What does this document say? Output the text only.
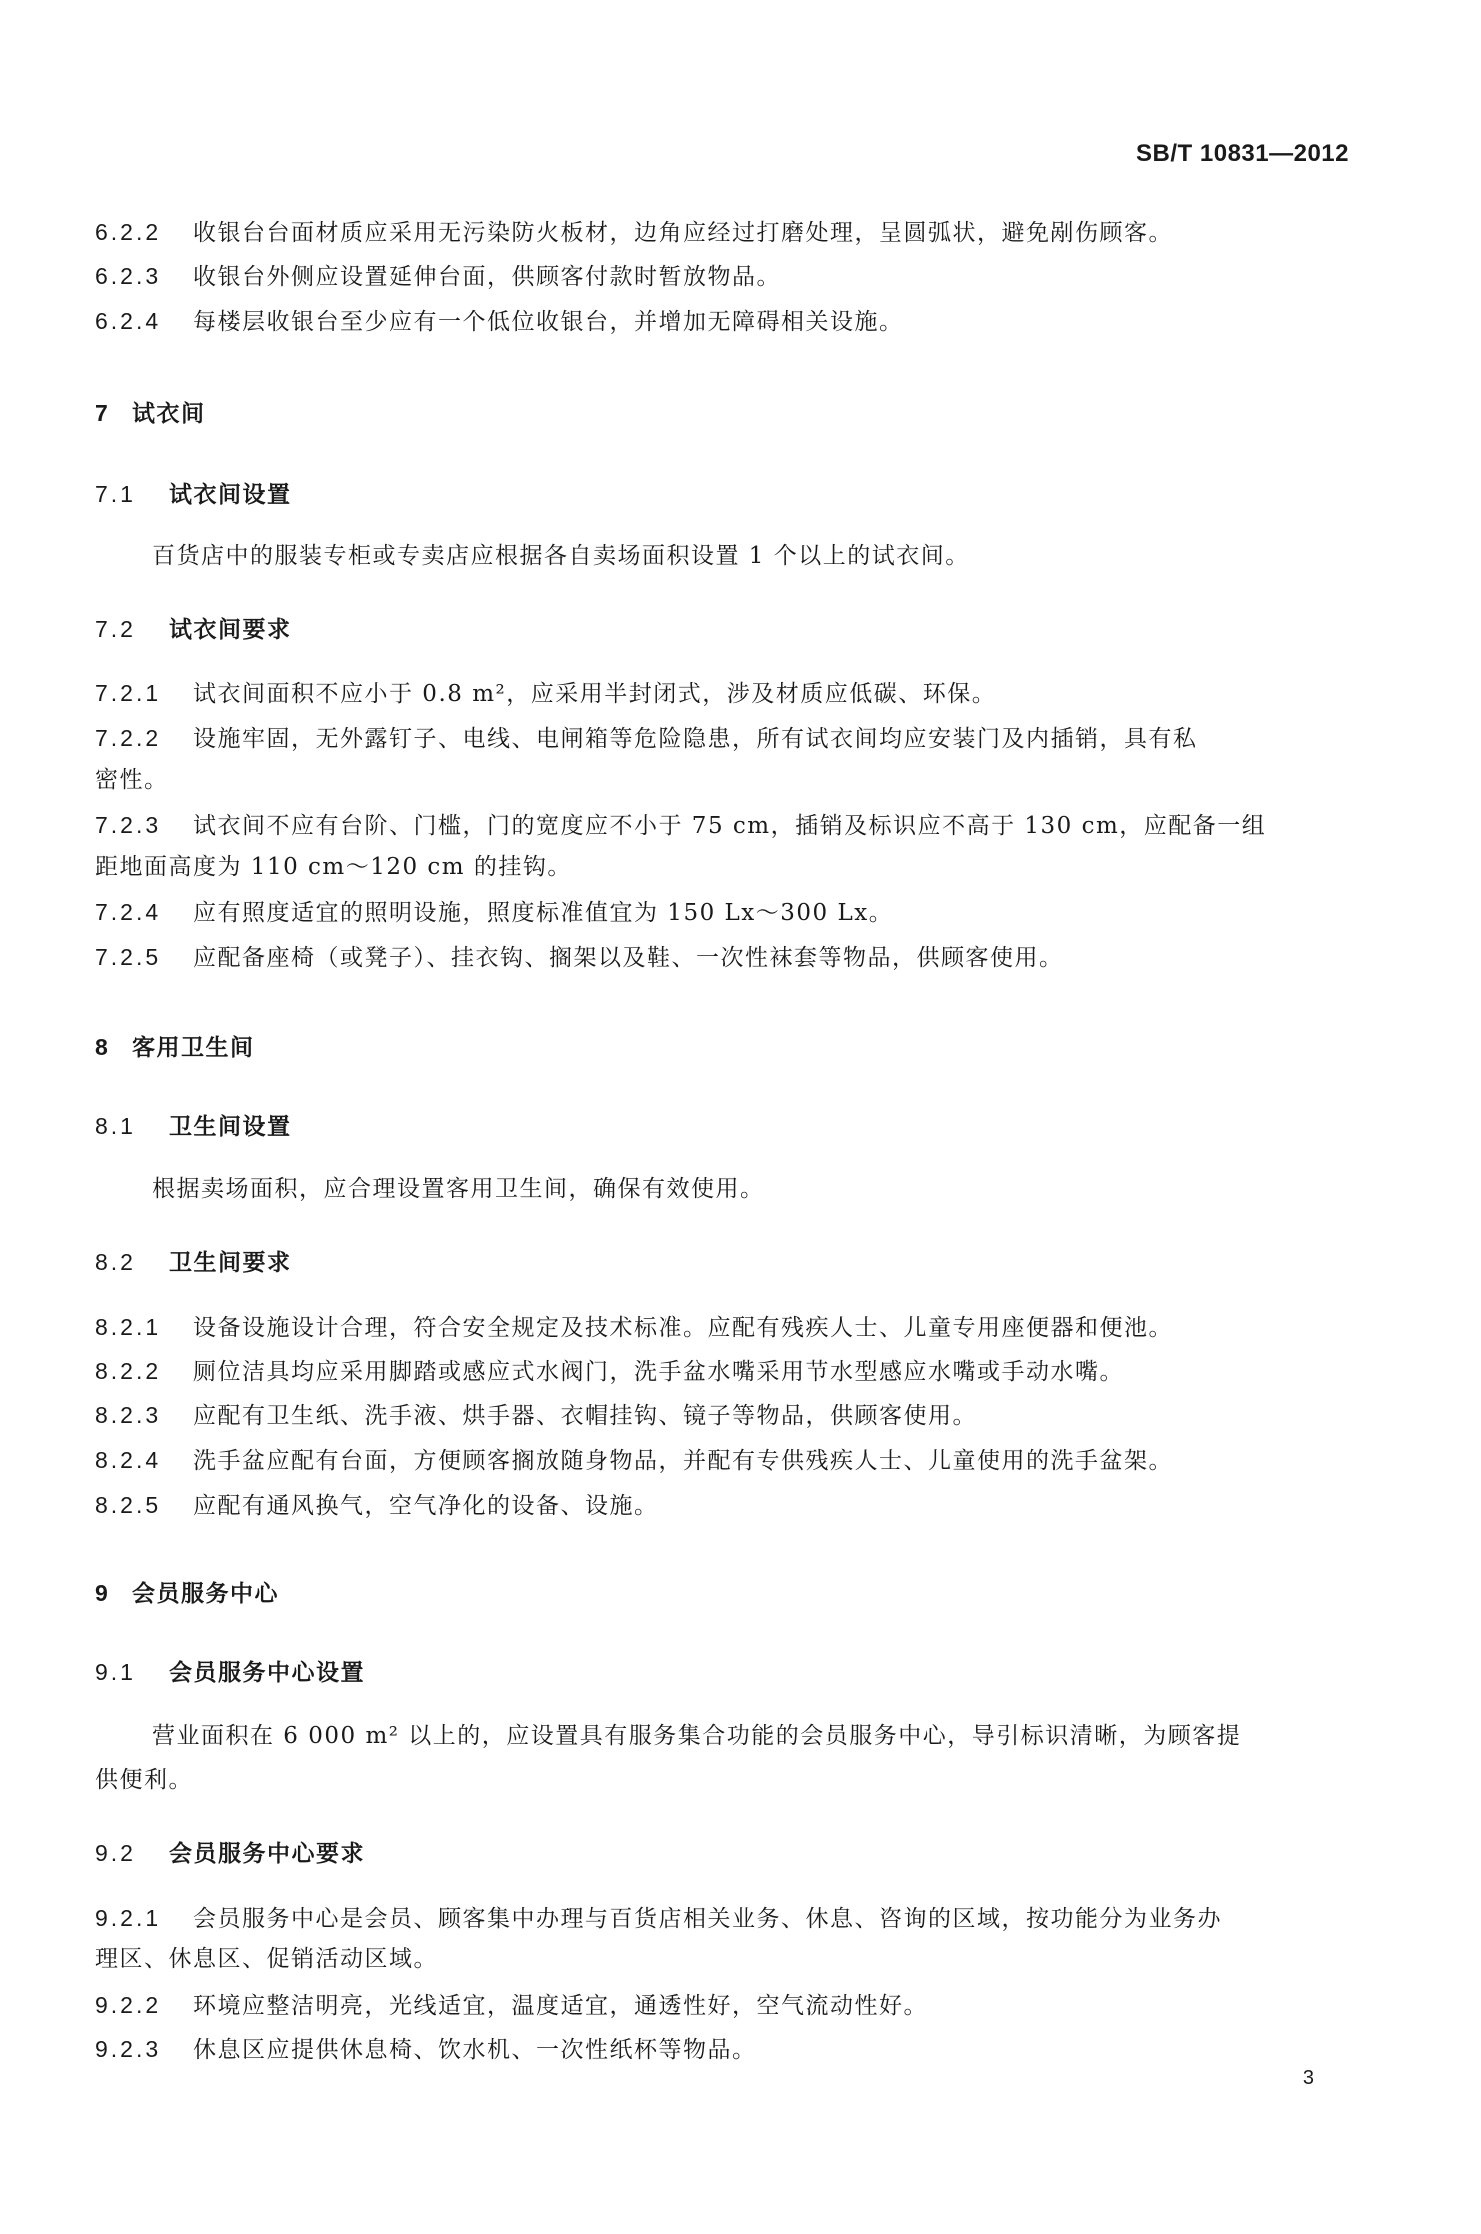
SB/T 10831—2012
6.2.2 收银台台面材质应采用无污染防火板材，边角应经过打磨处理，呈圆弧状，避免剐伤顾客。
6.2.3 收银台外侧应设置延伸台面，供顾客付款时暂放物品。
6.2.4 每楼层收银台至少应有一个低位收银台，并增加无障碍相关设施。
7 试衣间
7.1 试衣间设置
百货店中的服装专柜或专卖店应根据各自卖场面积设置 1 个以上的试衣间。
7.2 试衣间要求
7.2.1 试衣间面积不应小于 0.8 m²，应采用半封闭式，涉及材质应低碳、环保。
7.2.2 设施牢固，无外露钉子、电线、电闸箱等危险隐患，所有试衣间均应安装门及内插销，具有私
密性。
7.2.3 试衣间不应有台阶、门槛，门的宽度应不小于 75 cm，插销及标识应不高于 130 cm，应配备一组
距地面高度为 110 cm～120 cm 的挂钩。
7.2.4 应有照度适宜的照明设施，照度标准值宜为 150 Lx～300 Lx。
7.2.5 应配备座椅（或凳子）、挂衣钩、搁架以及鞋、一次性袜套等物品，供顾客使用。
8 客用卫生间
8.1 卫生间设置
根据卖场面积，应合理设置客用卫生间，确保有效使用。
8.2 卫生间要求
8.2.1 设备设施设计合理，符合安全规定及技术标准。应配有残疾人士、儿童专用座便器和便池。
8.2.2 厕位洁具均应采用脚踏或感应式水阀门，洗手盆水嘴采用节水型感应水嘴或手动水嘴。
8.2.3 应配有卫生纸、洗手液、烘手器、衣帽挂钩、镜子等物品，供顾客使用。
8.2.4 洗手盆应配有台面，方便顾客搁放随身物品，并配有专供残疾人士、儿童使用的洗手盆架。
8.2.5 应配有通风换气，空气净化的设备、设施。
9 会员服务中心
9.1 会员服务中心设置
营业面积在 6 000 m² 以上的，应设置具有服务集合功能的会员服务中心，导引标识清晰，为顾客提
供便利。
9.2 会员服务中心要求
9.2.1 会员服务中心是会员、顾客集中办理与百货店相关业务、休息、咨询的区域，按功能分为业务办
理区、休息区、促销活动区域。
9.2.2 环境应整洁明亮，光线适宜，温度适宜，通透性好，空气流动性好。
9.2.3 休息区应提供休息椅、饮水机、一次性纸杯等物品。
3
